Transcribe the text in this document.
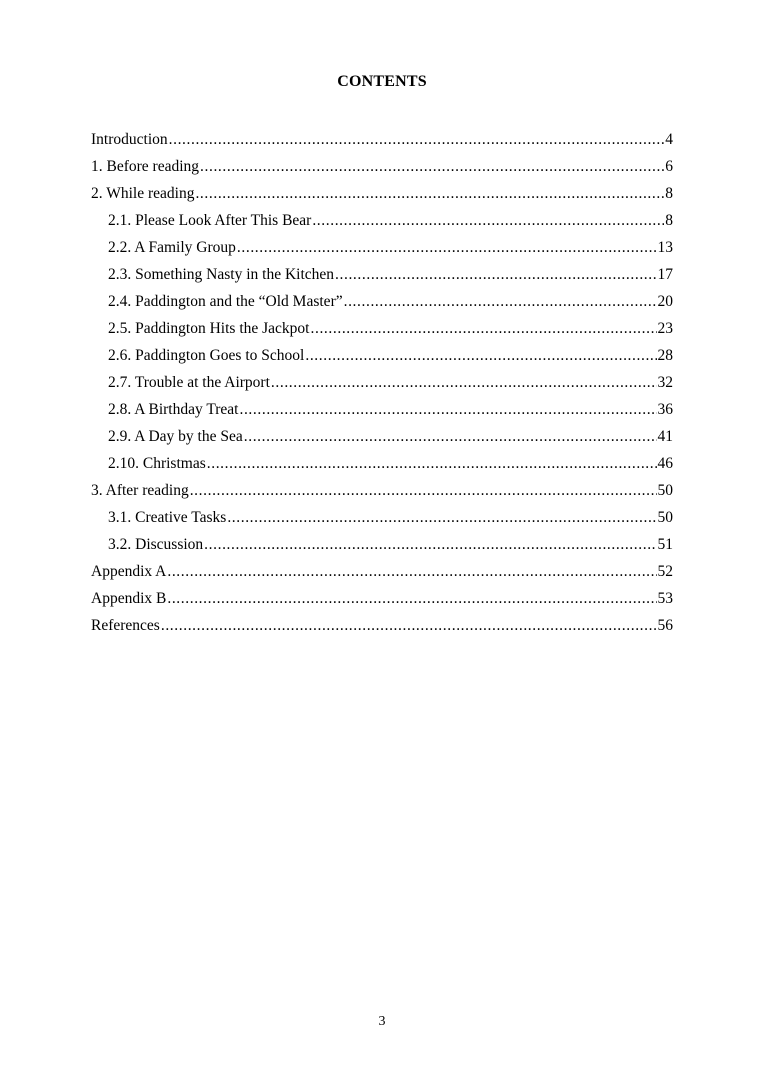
CONTENTS
Introduction .....	4
1. Before reading .....	6
2. While reading .....	8
2.1. Please Look After This Bear .....	8
2.2. A Family Group .....	13
2.3. Something Nasty in the Kitchen .....	17
2.4. Paddington and the “Old Master” .....	20
2.5. Paddington Hits the Jackpot .....	23
2.6. Paddington Goes to School .....	28
2.7. Trouble at the Airport .....	32
2.8. A Birthday Treat .....	36
2.9. A Day by the Sea .....	41
2.10. Christmas .....	46
3. After reading .....	50
3.1. Creative Tasks .....	50
3.2. Discussion .....	51
Appendix A .....	52
Appendix B .....	53
References .....	56
3
